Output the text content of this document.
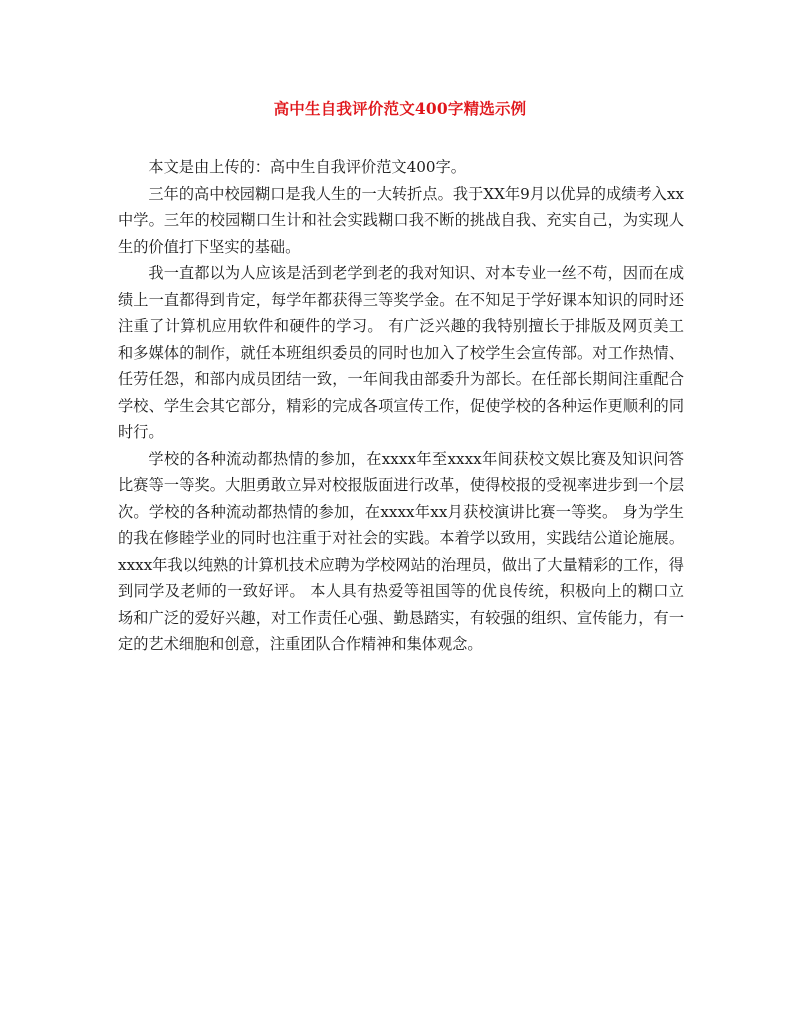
高中生自我评价范文400字精选示例

本文是由上传的：高中生自我评价范文400字。

三年的高中校园糊口是我人生的一大转折点。我于XX年9月以优异的成绩考入xx中学。三年的校园糊口生计和社会实践糊口我不断的挑战自我、充实自己，为实现人生的价值打下坚实的基础。

我一直都以为人应该是活到老学到老的我对知识、对本专业一丝不苟，因而在成绩上一直都得到肯定，每学年都获得三等奖学金。在不知足于学好课本知识的同时还注重了计算机应用软件和硬件的学习。 有广泛兴趣的我特别擅长于排版及网页美工和多媒体的制作，就任本班组织委员的同时也加入了校学生会宣传部。对工作热情、任劳任怨，和部内成员团结一致，一年间我由部委升为部长。在任部长期间注重配合学校、学生会其它部分，精彩的完成各项宣传工作，促使学校的各种运作更顺利的同时行。

学校的各种流动都热情的参加，在xxxx年至xxxx年间获校文娱比赛及知识问答比赛等一等奖。大胆勇敢立异对校报版面进行改革，使得校报的受视率进步到一个层次。学校的各种流动都热情的参加，在xxxx年xx月获校演讲比赛一等奖。 身为学生的我在修睦学业的同时也注重于对社会的实践。本着学以致用，实践结公道论施展。xxxx年我以纯熟的计算机技术应聘为学校网站的治理员，做出了大量精彩的工作，得到同学及老师的一致好评。 本人具有热爱等祖国等的优良传统，积极向上的糊口立场和广泛的爱好兴趣，对工作责任心强、勤恳踏实，有较强的组织、宣传能力，有一定的艺术细胞和创意，注重团队合作精神和集体观念。
